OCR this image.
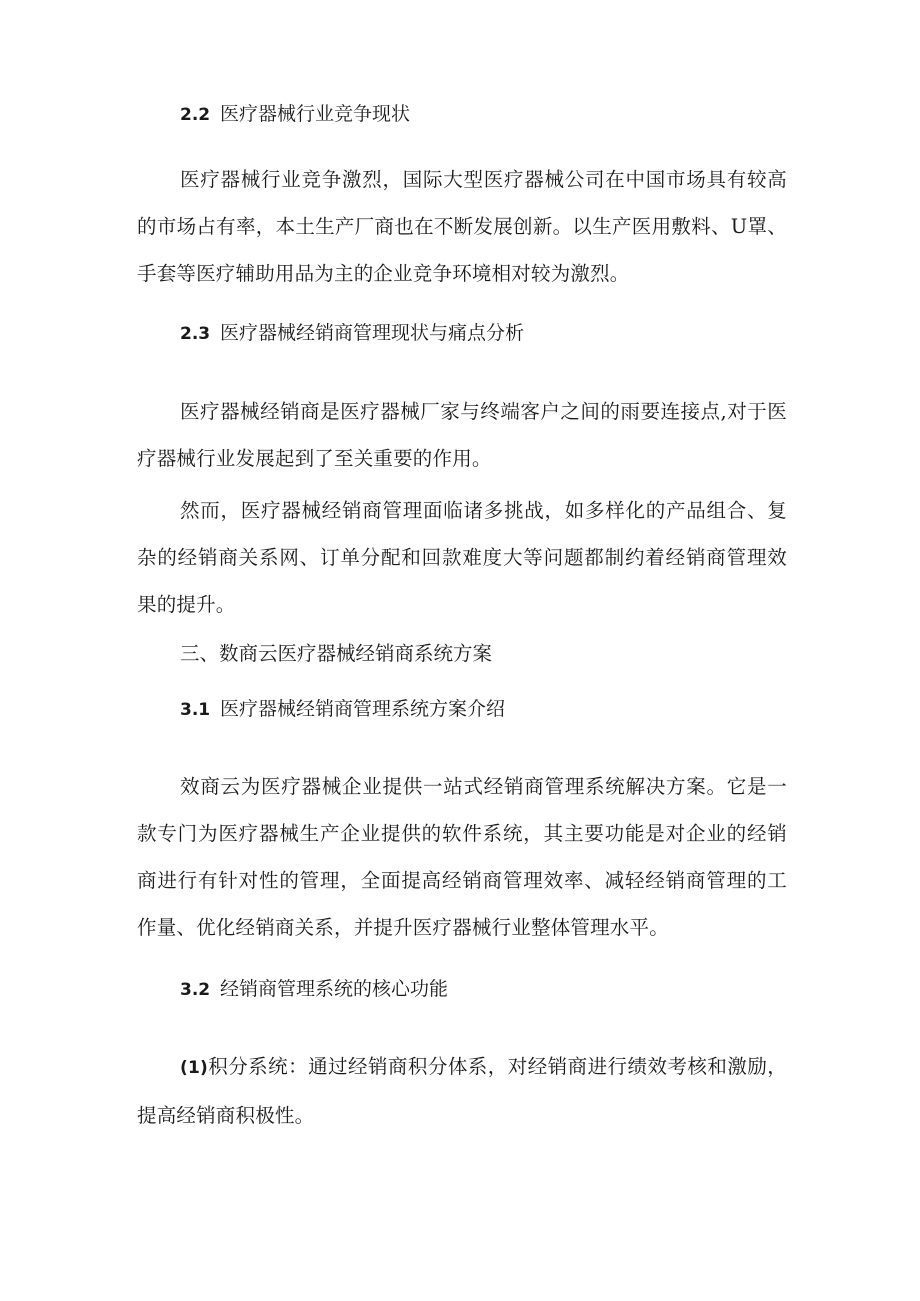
2.2 医疗器械行业竞争现状

医疗器械行业竞争激烈，国际大型医疗器械公司在中国市场具有较高的市场占有率，本土生产厂商也在不断发展创新。以生产医用敷料、U罩、手套等医疗辅助用品为主的企业竞争环境相对较为激烈。

2.3 医疗器械经销商管理现状与痛点分析

医疗器械经销商是医疗器械厂家与终端客户之间的雨要连接点,对于医疗器械行业发展起到了至关重要的作用。

然而，医疗器械经销商管理面临诸多挑战，如多样化的产品组合、复杂的经销商关系网、订单分配和回款难度大等问题都制约着经销商管理效果的提升。

三、数商云医疗器械经销商系统方案
3.1 医疗器械经销商管理系统方案介绍

效商云为医疗器械企业提供一站式经销商管理系统解决方案。它是一款专门为医疗器械生产企业提供的软件系统，其主要功能是对企业的经销商进行有针对性的管理，全面提高经销商管理效率、减轻经销商管理的工作量、优化经销商关系，并提升医疗器械行业整体管理水平。

3.2 经销商管理系统的核心功能

(1)积分系统：通过经销商积分体系，对经销商进行绩效考核和激励，提高经销商积极性。
